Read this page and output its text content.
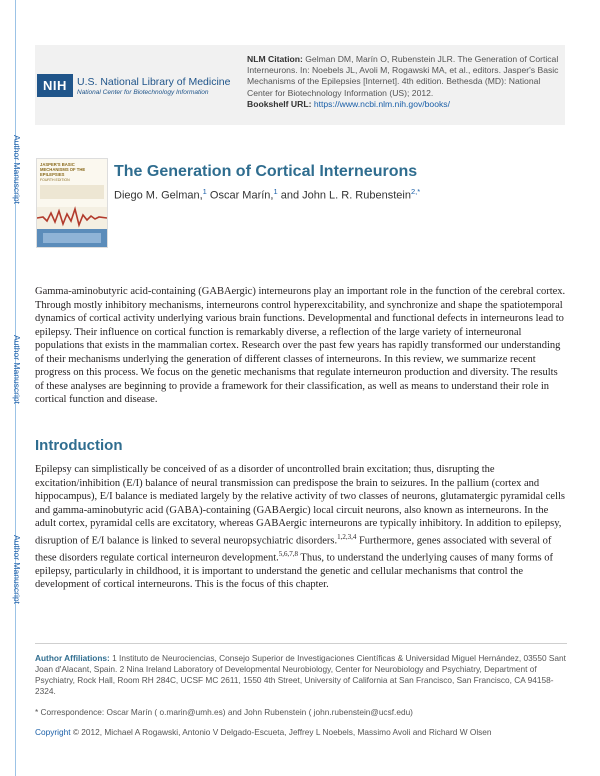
Author Manuscript
Author Manuscript
Author Manuscript
NIH U.S. National Library of Medicine
National Center for Biotechnology Information
NLM Citation: Gelman DM, Marín O, Rubenstein JLR. The Generation of Cortical Interneurons. In: Noebels JL, Avoli M, Rogawski MA, et al., editors. Jasper's Basic Mechanisms of the Epilepsies [Internet]. 4th edition. Bethesda (MD): National Center for Biotechnology Information (US); 2012.
Bookshelf URL: https://www.ncbi.nlm.nih.gov/books/
JASPER'S BASIC MECHANISMS OF THE EPILEPSIES
FOURTH EDITION	The Generation of Cortical Interneurons
Diego M. Gelman,$^1$ Oscar Marín,$^1$ and John L. R. Rubenstein$^{2,*}$
Gamma-aminobutyric acid-containing (GABAergic) interneurons play an important role in the function of the cerebral cortex. Through mostly inhibitory mechanisms, interneurons control hyperexcitability, and synchronize and shape the spatiotemporal dynamics of cortical activity underlying various brain functions. Developmental and functional defects in interneurons lead to epilepsy. Their influence on cortical function is remarkably diverse, a reflection of the large variety of interneuronal populations that exists in the mammalian cortex. Research over the past few years has rapidly transformed our understanding of their mechanisms underlying the generation of different classes of interneurons. In this review, we summarize recent progress on this process. We focus on the genetic mechanisms that regulate interneuron production and diversity. The results of these analyses are beginning to provide a framework for their classification, as well as means to understand their role in cortical function and disease.
Introduction
Epilepsy can simplistically be conceived of as a disorder of uncontrolled brain excitation; thus, disrupting the excitation/inhibition (E/I) balance of neural transmission can predispose the brain to seizures. In the pallium (cortex and hippocampus), E/I balance is mediated largely by the relative activity of two classes of neurons, glutamatergic pyramidal cells and gamma-aminobutyric acid (GABA)-containing (GABAergic) local circuit neurons, also known as interneurons. In the adult cortex, pyramidal cells are excitatory, whereas GABAergic interneurons are typically inhibitory. In addition to epilepsy, disruption of E/I balance is linked to several neuropsychiatric disorders.$^{1,2,3,4}$ Furthermore, genes associated with several of these disorders regulate cortical interneuron development.$^{5,6,7,8}$ Thus, to understand the underlying causes of many forms of epilepsy, particularly in childhood, it is important to understand the genetic and cellular mechanisms that control the development of cortical interneurons. This is the focus of this chapter.
Author Affiliations: 1 Instituto de Neurociencias, Consejo Superior de Investigaciones Científicas & Universidad Miguel Hernández, 03550 Sant Joan d'Alacant, Spain. 2 Nina Ireland Laboratory of Developmental Neurobiology, Center for Neurobiology and Psychiatry, Department of Psychiatry, Rock Hall, Room RH 284C, UCSF MC 2611, 1550 4th Street, University of California at San Francisco, San Francisco, CA 94158-2324.
* Correspondence: Oscar Marín ( o.marin@umh.es) and John Rubenstein ( john.rubenstein@ucsf.edu)
Copyright © 2012, Michael A Rogawski, Antonio V Delgado-Escueta, Jeffrey L Noebels, Massimo Avoli and Richard W Olsen
